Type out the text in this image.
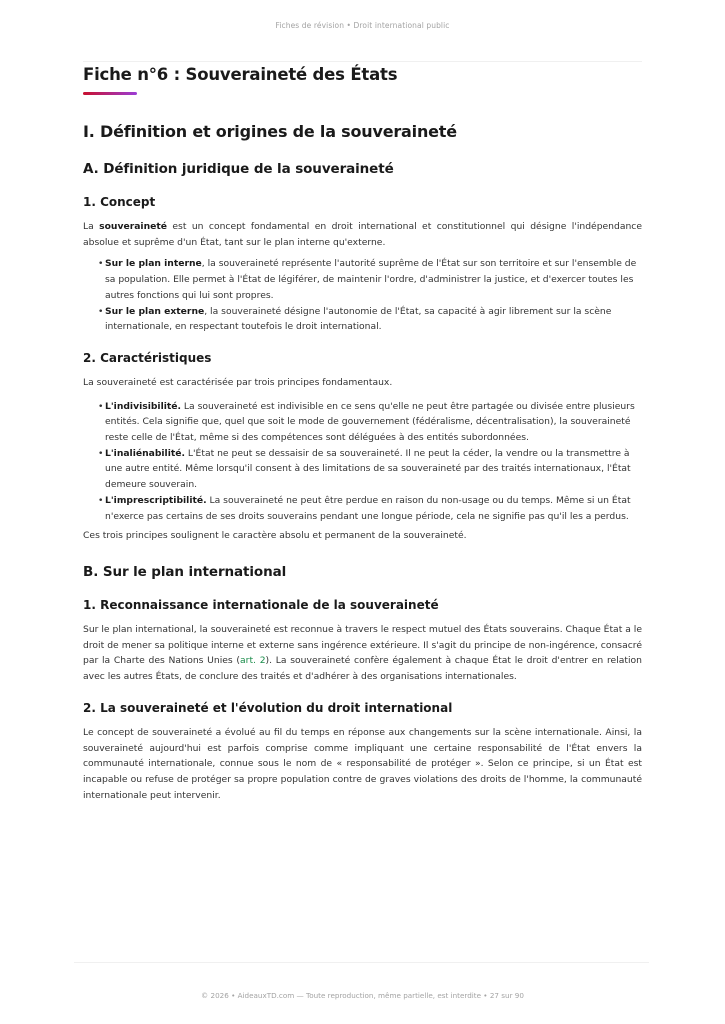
Fiches de révision • Droit international public
Fiche n°6 : Souveraineté des États
I. Définition et origines de la souveraineté
A. Définition juridique de la souveraineté
1. Concept

La souveraineté est un concept fondamental en droit international et constitutionnel qui désigne l'indépendance absolue et suprême d'un État, tant sur le plan interne qu'externe.

• Sur le plan interne, la souveraineté représente l'autorité suprême de l'État sur son territoire et sur l'ensemble de sa population. Elle permet à l'État de légiférer, de maintenir l'ordre, d'administrer la justice, et d'exercer toutes les autres fonctions qui lui sont propres.
• Sur le plan externe, la souveraineté désigne l'autonomie de l'État, sa capacité à agir librement sur la scène internationale, en respectant toutefois le droit international.
2. Caractéristiques

La souveraineté est caractérisée par trois principes fondamentaux.

• L'indivisibilité. La souveraineté est indivisible en ce sens qu'elle ne peut être partagée ou divisée entre plusieurs entités. Cela signifie que, quel que soit le mode de gouvernement (fédéralisme, décentralisation), la souveraineté reste celle de l'État, même si des compétences sont déléguées à des entités subordonnées.
• L'inaliénabilité. L'État ne peut se dessaisir de sa souveraineté. Il ne peut la céder, la vendre ou la transmettre à une autre entité. Même lorsqu'il consent à des limitations de sa souveraineté par des traités internationaux, l'État demeure souverain.
• L'imprescriptibilité. La souveraineté ne peut être perdue en raison du non-usage ou du temps. Même si un État n'exerce pas certains de ses droits souverains pendant une longue période, cela ne signifie pas qu'il les a perdus.

Ces trois principes soulignent le caractère absolu et permanent de la souveraineté.

B. Sur le plan international
1. Reconnaissance internationale de la souveraineté

Sur le plan international, la souveraineté est reconnue à travers le respect mutuel des États souverains. Chaque État a le droit de mener sa politique interne et externe sans ingérence extérieure. Il s'agit du principe de non-ingérence, consacré par la Charte des Nations Unies (art. 2). La souveraineté confère également à chaque État le droit d'entrer en relation avec les autres États, de conclure des traités et d'adhérer à des organisations internationales.

2. La souveraineté et l'évolution du droit international

Le concept de souveraineté a évolué au fil du temps en réponse aux changements sur la scène internationale. Ainsi, la souveraineté aujourd'hui est parfois comprise comme impliquant une certaine responsabilité de l'État envers la communauté internationale, connue sous le nom de « responsabilité de protéger ». Selon ce principe, si un État est incapable ou refuse de protéger sa propre population contre de graves violations des droits de l'homme, la communauté internationale peut intervenir.

© 2026 • AideauxTD.com — Toute reproduction, même partielle, est interdite • 27 sur 90
